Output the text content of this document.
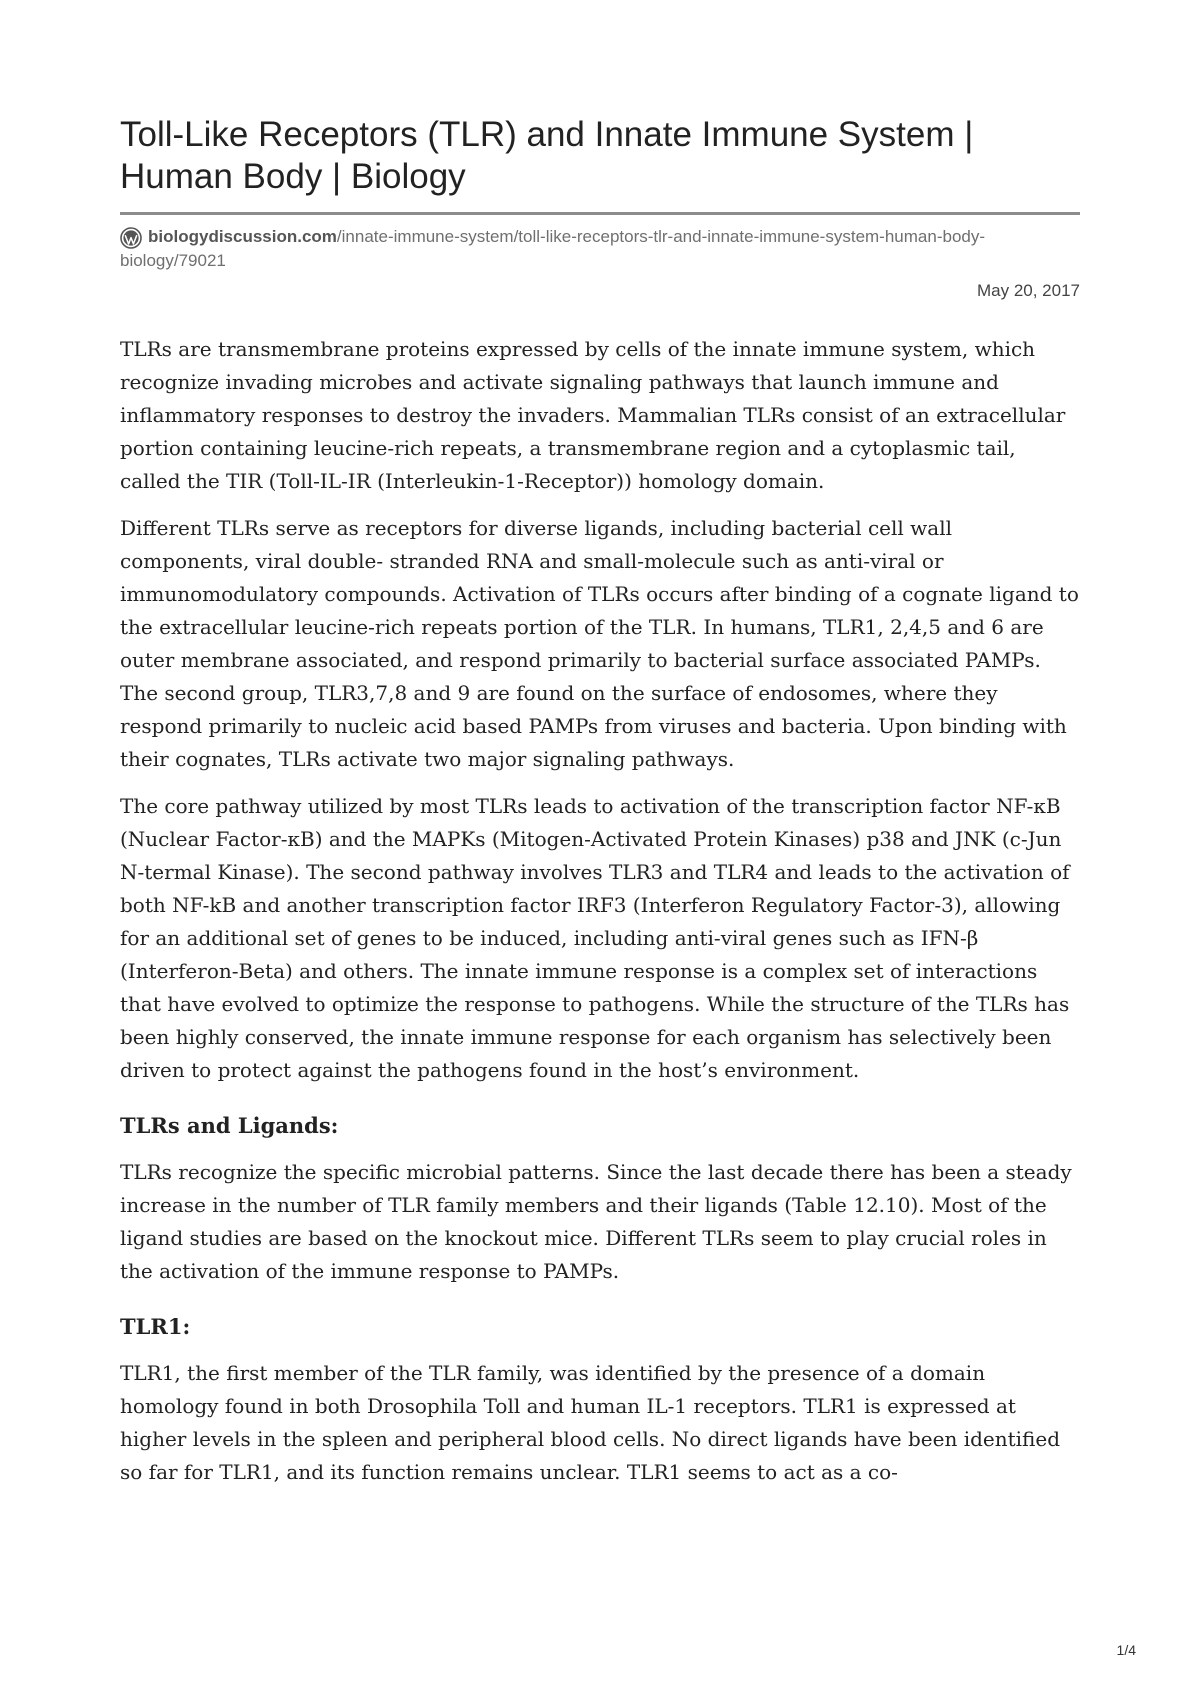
Toll-Like Receptors (TLR) and Innate Immune System | Human Body | Biology
biologydiscussion.com/innate-immune-system/toll-like-receptors-tlr-and-innate-immune-system-human-body-
biology/79021
May 20, 2017

TLRs are transmembrane proteins expressed by cells of the innate immune system, which recognize invading microbes and activate signaling pathways that launch immune and inflammatory responses to destroy the invaders. Mammalian TLRs consist of an extracellular portion containing leucine-rich repeats, a transmembrane region and a cytoplasmic tail, called the TIR (Toll-IL-IR (Interleukin-1-Receptor)) homology domain.

Different TLRs serve as receptors for diverse ligands, including bacterial cell wall components, viral double- stranded RNA and small-molecule such as anti-viral or immunomodulatory compounds. Activation of TLRs occurs after binding of a cognate ligand to the extracellular leucine-rich repeats portion of the TLR. In humans, TLR1, 2,4,5 and 6 are outer membrane associated, and respond primarily to bacterial surface associated PAMPs. The second group, TLR3,7,8 and 9 are found on the surface of endosomes, where they respond primarily to nucleic acid based PAMPs from viruses and bacteria. Upon binding with their cognates, TLRs activate two major signaling pathways.

The core pathway utilized by most TLRs leads to activation of the transcription factor NF-κB (Nuclear Factor-κB) and the MAPKs (Mitogen-Activated Protein Kinases) p38 and JNK (c-Jun N-termal Kinase). The second pathway involves TLR3 and TLR4 and leads to the activation of both NF-kB and another transcription factor IRF3 (Interferon Regulatory Factor-3), allowing for an additional set of genes to be induced, including anti-viral genes such as IFN-β (Interferon-Beta) and others. The innate immune response is a complex set of interactions that have evolved to optimize the response to pathogens. While the structure of the TLRs has been highly conserved, the innate immune response for each organism has selectively been driven to protect against the pathogens found in the host’s environment.

TLRs and Ligands:

TLRs recognize the specific microbial patterns. Since the last decade there has been a steady increase in the number of TLR family members and their ligands (Table 12.10). Most of the ligand studies are based on the knockout mice. Different TLRs seem to play crucial roles in the activation of the immune response to PAMPs.

TLR1:

TLR1, the first member of the TLR family, was identified by the presence of a domain homology found in both Drosophila Toll and human IL-1 receptors. TLR1 is expressed at higher levels in the spleen and peripheral blood cells. No direct ligands have been identified so far for TLR1, and its function remains unclear. TLR1 seems to act as a co-

1/4
